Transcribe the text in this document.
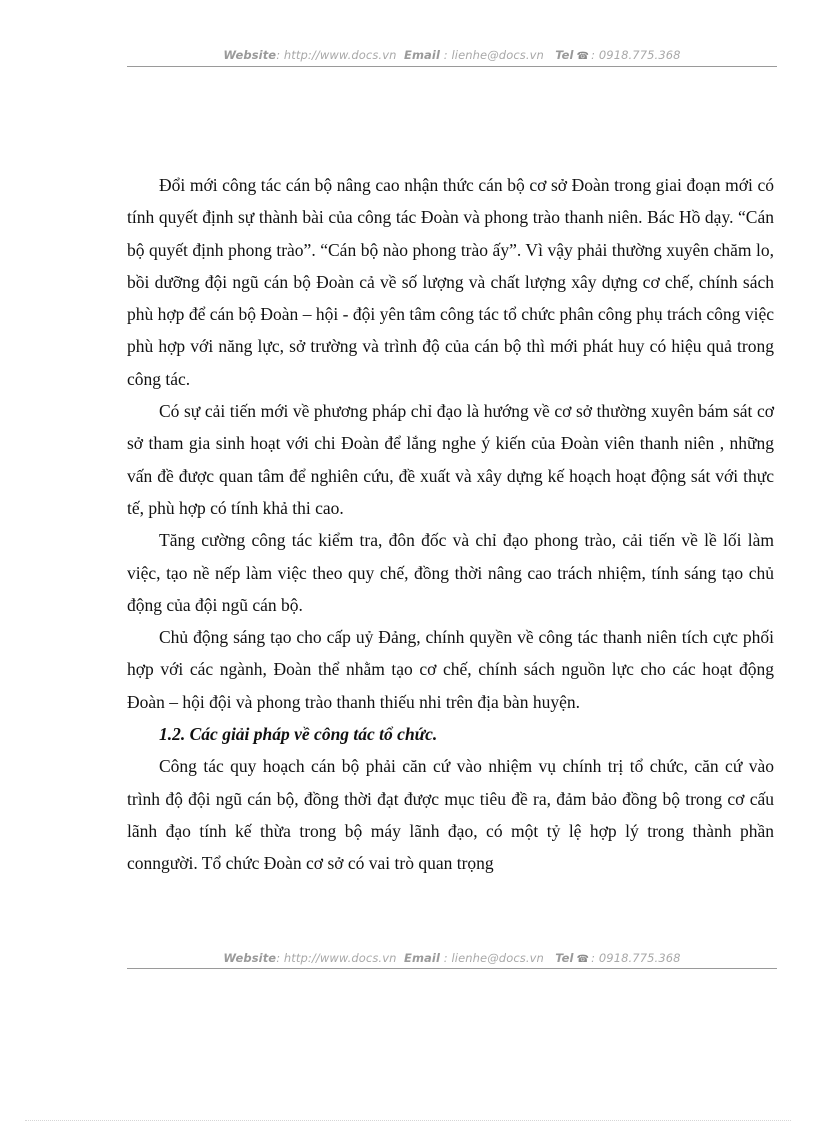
Website: http://www.docs.vn Email : lienhe@docs.vn Tel ☎ : 0918.775.368

Đổi mới công tác cán bộ nâng cao nhận thức cán bộ cơ sở Đoàn trong giai đoạn mới có tính quyết định sự thành bài của công tác Đoàn và phong trào thanh niên. Bác Hồ dạy. “Cán bộ quyết định phong trào”. “Cán bộ nào phong trào ấy”. Vì vậy phải thường xuyên chăm lo, bồi dưỡng đội ngũ cán bộ Đoàn cả về số lượng và chất lượng xây dựng cơ chế, chính sách phù hợp để cán bộ Đoàn – hội - đội yên tâm công tác tổ chức phân công phụ trách công việc phù hợp với năng lực, sở trường và trình độ của cán bộ thì mới phát huy có hiệu quả trong công tác.

Có sự cải tiến mới về phương pháp chỉ đạo là hướng về cơ sở thường xuyên bám sát cơ sở tham gia sinh hoạt với chi Đoàn để lắng nghe ý kiến của Đoàn viên thanh niên , những vấn đề được quan tâm để nghiên cứu, đề xuất và xây dựng kế hoạch hoạt động sát với thực tế, phù hợp có tính khả thi cao.

Tăng cường công tác kiểm tra, đôn đốc và chỉ đạo phong trào, cải tiến về lề lối làm việc, tạo nề nếp làm việc theo quy chế, đồng thời nâng cao trách nhiệm, tính sáng tạo chủ động của đội ngũ cán bộ.

Chủ động sáng tạo cho cấp uỷ Đảng, chính quyền về công tác thanh niên tích cực phối hợp với các ngành, Đoàn thể nhằm tạo cơ chế, chính sách nguồn lực cho các hoạt động Đoàn – hội đội và phong trào thanh thiếu nhi trên địa bàn huyện.

1.2. Các giải pháp về công tác tổ chức.

Công tác quy hoạch cán bộ phải căn cứ vào nhiệm vụ chính trị tổ chức, căn cứ vào trình độ đội ngũ cán bộ, đồng thời đạt được mục tiêu đề ra, đảm bảo đồng bộ trong cơ cấu lãnh đạo tính kế thừa trong bộ máy lãnh đạo, có một tỷ lệ hợp lý trong thành phần conngười. Tổ chức Đoàn cơ sở có vai trò quan trọng

Website: http://www.docs.vn Email : lienhe@docs.vn Tel ☎ : 0918.775.368
